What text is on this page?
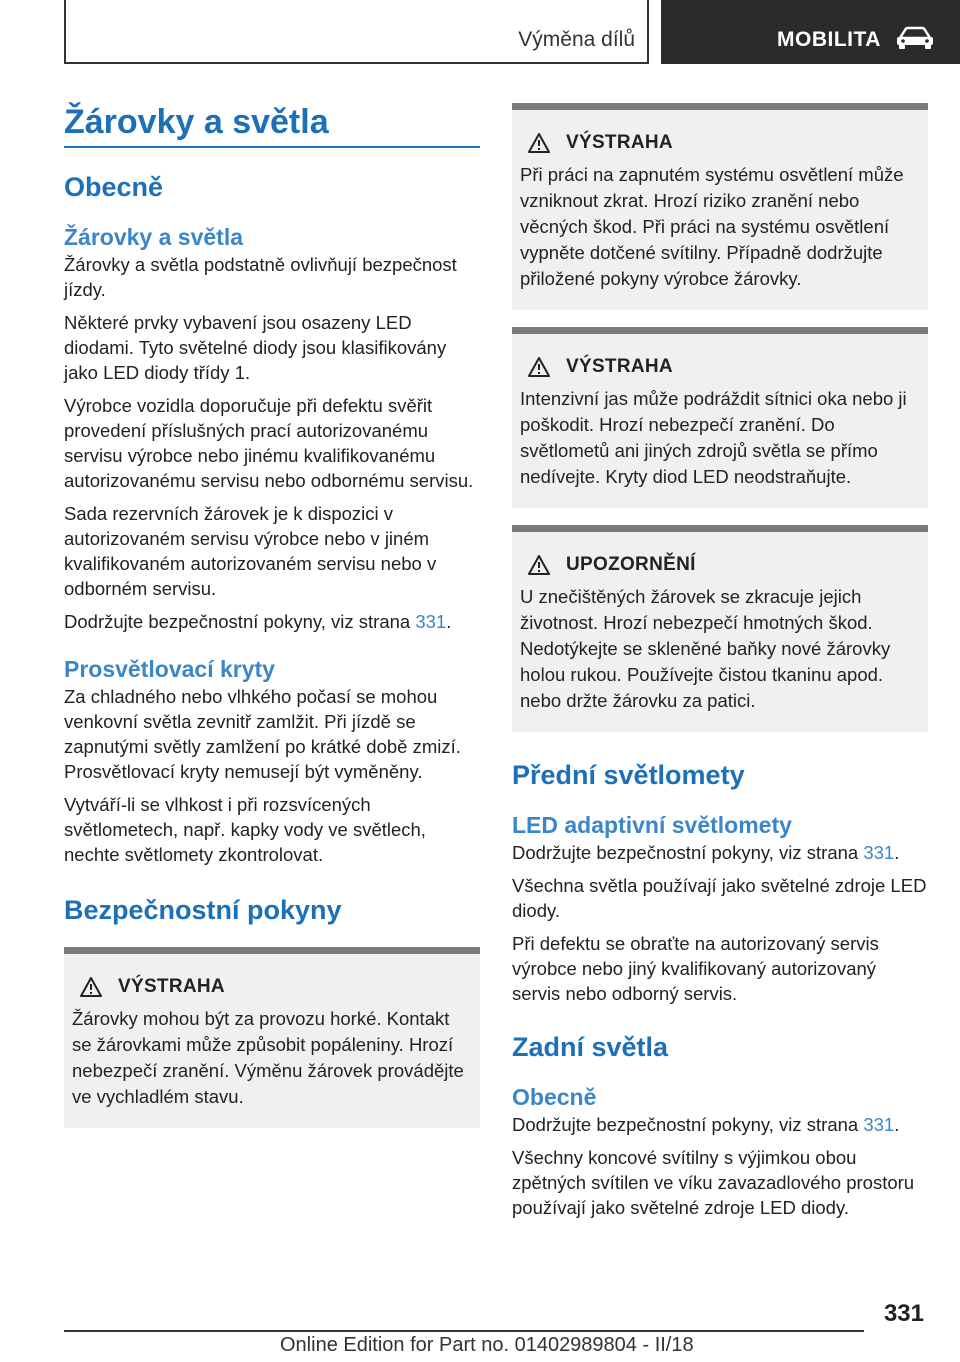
Výměna dílů	MOBILITA
Žárovky a světla
Obecně
Žárovky a světla

Žárovky a světla podstatně ovlivňují bezpečnost jízdy.

Některé prvky vybavení jsou osazeny LED diodami. Tyto světelné diody jsou klasifikovány jako LED diody třídy 1.

Výrobce vozidla doporučuje při defektu svěřit provedení příslušných prací autorizovanému servisu výrobce nebo jinému kvalifikovanému autorizovanému servisu nebo odbornému servisu.

Sada rezervních žárovek je k dispozici v autorizovaném servisu výrobce nebo v jiném kvalifikovaném autorizovaném servisu nebo v odborném servisu.

Dodržujte bezpečnostní pokyny, viz strana 331.

Prosvětlovací kryty

Za chladného nebo vlhkého počasí se mohou venkovní světla zevnitř zamlžit. Při jízdě se zapnutými světly zamlžení po krátké době zmizí. Prosvětlovací kryty nemusejí být vyměněny.

Vytváří-li se vlhkost i při rozsvícených světlometech, např. kapky vody ve světlech, nechte světlomety zkontrolovat.

Bezpečnostní pokyny
VÝSTRAHA

Žárovky mohou být za provozu horké. Kontakt se žárovkami může způsobit popáleniny. Hrozí nebezpečí zranění. Výměnu žárovek provádějte ve vychladlém stavu.

VÝSTRAHA

Při práci na zapnutém systému osvětlení může vzniknout zkrat. Hrozí riziko zranění nebo věcných škod. Při práci na systému osvětlení vypněte dotčené svítilny. Případně dodržujte přiložené pokyny výrobce žárovky.

VÝSTRAHA

Intenzivní jas může podráždit sítnici oka nebo ji poškodit. Hrozí nebezpečí zranění. Do světlometů ani jiných zdrojů světla se přímo nedívejte. Kryty diod LED neodstraňujte.

UPOZORNĚNÍ

U znečištěných žárovek se zkracuje jejich životnost. Hrozí nebezpečí hmotných škod. Nedotýkejte se skleněné baňky nové žárovky holou rukou. Používejte čistou tkaninu apod. nebo držte žárovku za patici.

Přední světlomety
LED adaptivní světlomety

Dodržujte bezpečnostní pokyny, viz strana 331.

Všechna světla používají jako světelné zdroje LED diody.

Při defektu se obraťte na autorizovaný servis výrobce nebo jiný kvalifikovaný autorizovaný servis nebo odborný servis.

Zadní světla
Obecně

Dodržujte bezpečnostní pokyny, viz strana 331.

Všechny koncové svítilny s výjimkou obou zpětných svítilen ve víku zavazadlového prostoru používají jako světelné zdroje LED diody.

331
Online Edition for Part no. 01402989804 - II/18
